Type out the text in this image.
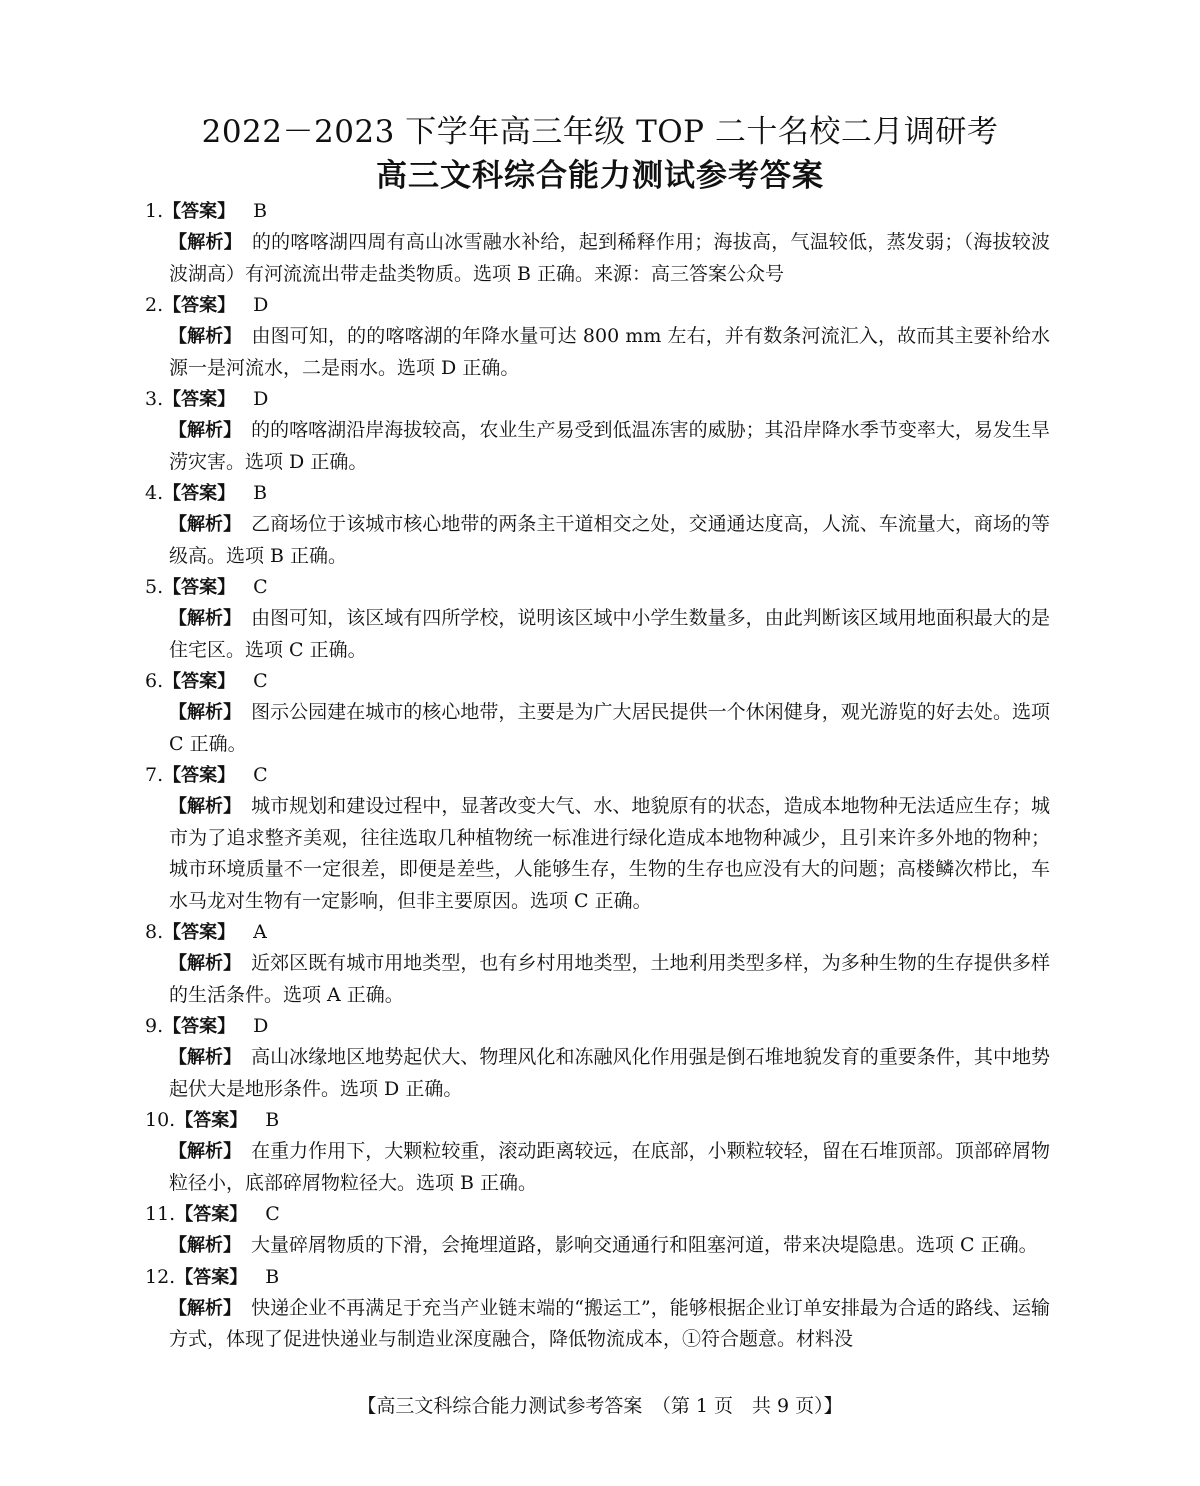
2022－2023 下学年高三年级 TOP 二十名校二月调研考
高三文科综合能力测试参考答案
1.【答案】 B
【解析】 的的喀喀湖四周有高山冰雪融水补给，起到稀释作用；海拔高，气温较低，蒸发弱；（海拔较波波湖高）有河流流出带走盐类物质。选项 B 正确。来源：高三答案公众号
2.【答案】 D
【解析】 由图可知，的的喀喀湖的年降水量可达 800 mm 左右，并有数条河流汇入，故而其主要补给水源一是河流水，二是雨水。选项 D 正确。
3.【答案】 D
【解析】 的的喀喀湖沿岸海拔较高，农业生产易受到低温冻害的威胁；其沿岸降水季节变率大，易发生旱涝灾害。选项 D 正确。
4.【答案】 B
【解析】 乙商场位于该城市核心地带的两条主干道相交之处，交通通达度高，人流、车流量大，商场的等级高。选项 B 正确。
5.【答案】 C
【解析】 由图可知，该区域有四所学校，说明该区域中小学生数量多，由此判断该区域用地面积最大的是住宅区。选项 C 正确。
6.【答案】 C
【解析】 图示公园建在城市的核心地带，主要是为广大居民提供一个休闲健身，观光游览的好去处。选项 C 正确。
7.【答案】 C
【解析】 城市规划和建设过程中，显著改变大气、水、地貌原有的状态，造成本地物种无法适应生存；城市为了追求整齐美观，往往选取几种植物统一标准进行绿化造成本地物种减少，且引来许多外地的物种；城市环境质量不一定很差，即便是差些，人能够生存，生物的生存也应没有大的问题；高楼鳞次栉比，车水马龙对生物有一定影响，但非主要原因。选项 C 正确。
8.【答案】 A
【解析】 近郊区既有城市用地类型，也有乡村用地类型，土地利用类型多样，为多种生物的生存提供多样的生活条件。选项 A 正确。
9.【答案】 D
【解析】 高山冰缘地区地势起伏大、物理风化和冻融风化作用强是倒石堆地貌发育的重要条件，其中地势起伏大是地形条件。选项 D 正确。
10.【答案】 B
【解析】 在重力作用下，大颗粒较重，滚动距离较远，在底部，小颗粒较轻，留在石堆顶部。顶部碎屑物粒径小，底部碎屑物粒径大。选项 B 正确。
11.【答案】 C
【解析】 大量碎屑物质的下滑，会掩埋道路，影响交通通行和阻塞河道，带来决堤隐患。选项 C 正确。
12.【答案】 B
【解析】 快递企业不再满足于充当产业链末端的“搬运工”，能够根据企业订单安排最为合适的路线、运输方式，体现了促进快递业与制造业深度融合，降低物流成本，①符合题意。材料没
【高三文科综合能力测试参考答案　（第 1 页　共 9 页）】
